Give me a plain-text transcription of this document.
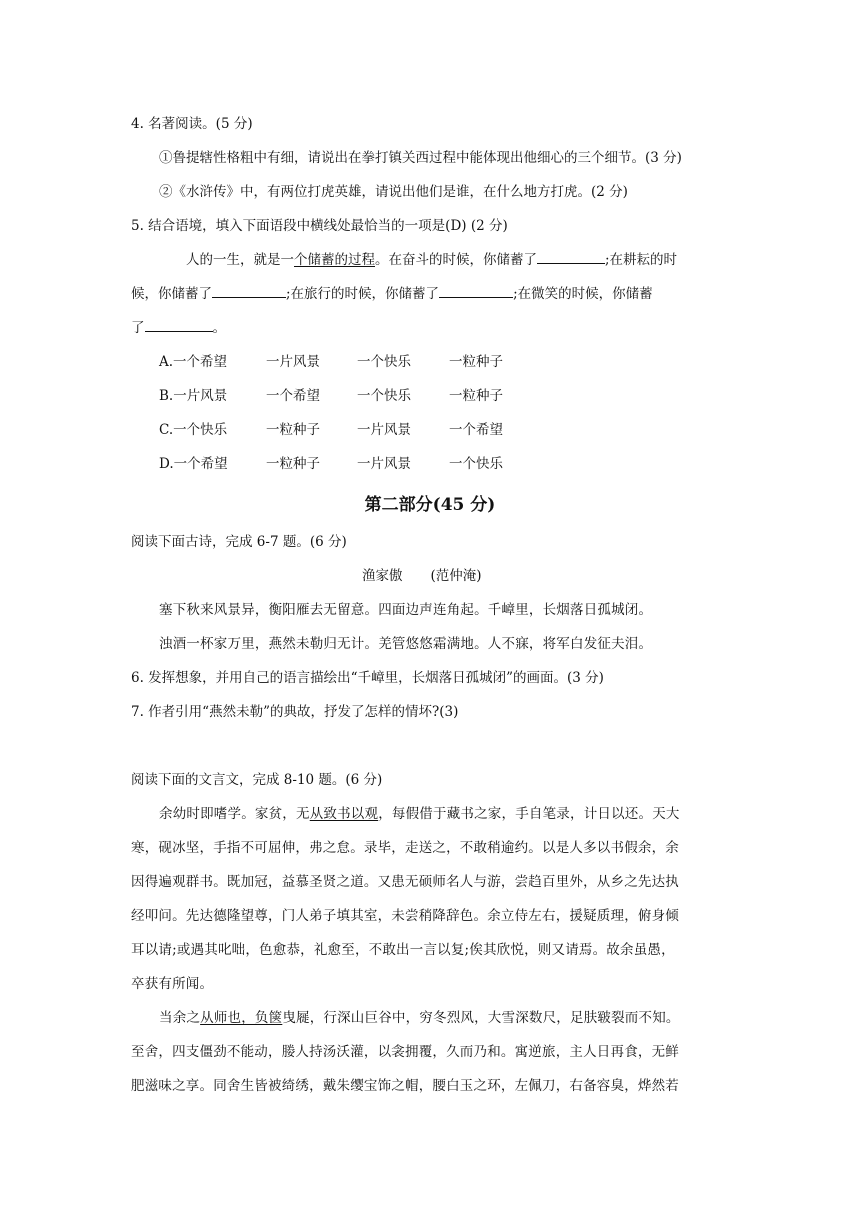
4. 名著阅读。(5 分)
①鲁提辖性格粗中有细，请说出在拳打镇关西过程中能体现出他细心的三个细节。(3 分)
②《水浒传》中，有两位打虎英雄，请说出他们是谁，在什么地方打虎。(2 分)
5. 结合语境，填入下面语段中横线处最恰当的一项是(D) (2 分)
人的一生，就是一个储蓄的过程。在奋斗的时候，你储蓄了	;在耕耘的时
候，你储蓄了	;在旅行的时候，你储蓄了	;在微笑的时候，你储蓄
了	。
A.一个希望	一片风景	一个快乐	一粒种子
B.一片风景	一个希望	一个快乐	一粒种子
C.一个快乐	一粒种子	一片风景	一个希望
D.一个希望	一粒种子	一片风景	一个快乐
第二部分(45 分)
阅读下面古诗，完成 6-7 题。(6 分)
渔家傲 (范仲淹)
塞下秋来风景异，衡阳雁去无留意。四面边声连角起。千嶂里，长烟落日孤城闭。
浊酒一杯家万里，燕然未勒归无计。羌管悠悠霜满地。人不寐，将军白发征夫泪。
6. 发挥想象，并用自己的语言描绘出“千嶂里，长烟落日孤城闭”的画面。(3 分)
7. 作者引用“燕然未勒”的典故，抒发了怎样的情坏?(3)
阅读下面的文言文，完成 8-10 题。(6 分)
余幼时即嗜学。家贫，无从致书以观，每假借于藏书之家，手自笔录，计日以还。天大
寒，砚冰坚，手指不可屈伸，弗之怠。录毕，走送之，不敢稍逾约。以是人多以书假余，余
因得遍观群书。既加冠，益慕圣贤之道。又患无硕师名人与游，尝趋百里外，从乡之先达执
经叩问。先达德隆望尊，门人弟子填其室，未尝稍降辞色。余立侍左右，援疑质理，俯身倾
耳以请;或遇其叱咄，色愈恭，礼愈至，不敢出一言以复;俟其欣悦，则又请焉。故余虽愚，
卒获有所闻。
当余之从师也，负箧曳屣，行深山巨谷中，穷冬烈风，大雪深数尺，足肤皲裂而不知。
至舍，四支僵劲不能动，媵人持汤沃灌，以衾拥覆，久而乃和。寓逆旅，主人日再食，无鲜
肥滋味之享。同舍生皆被绮绣，戴朱缨宝饰之帽，腰白玉之环，左佩刀，右备容臭，烨然若
